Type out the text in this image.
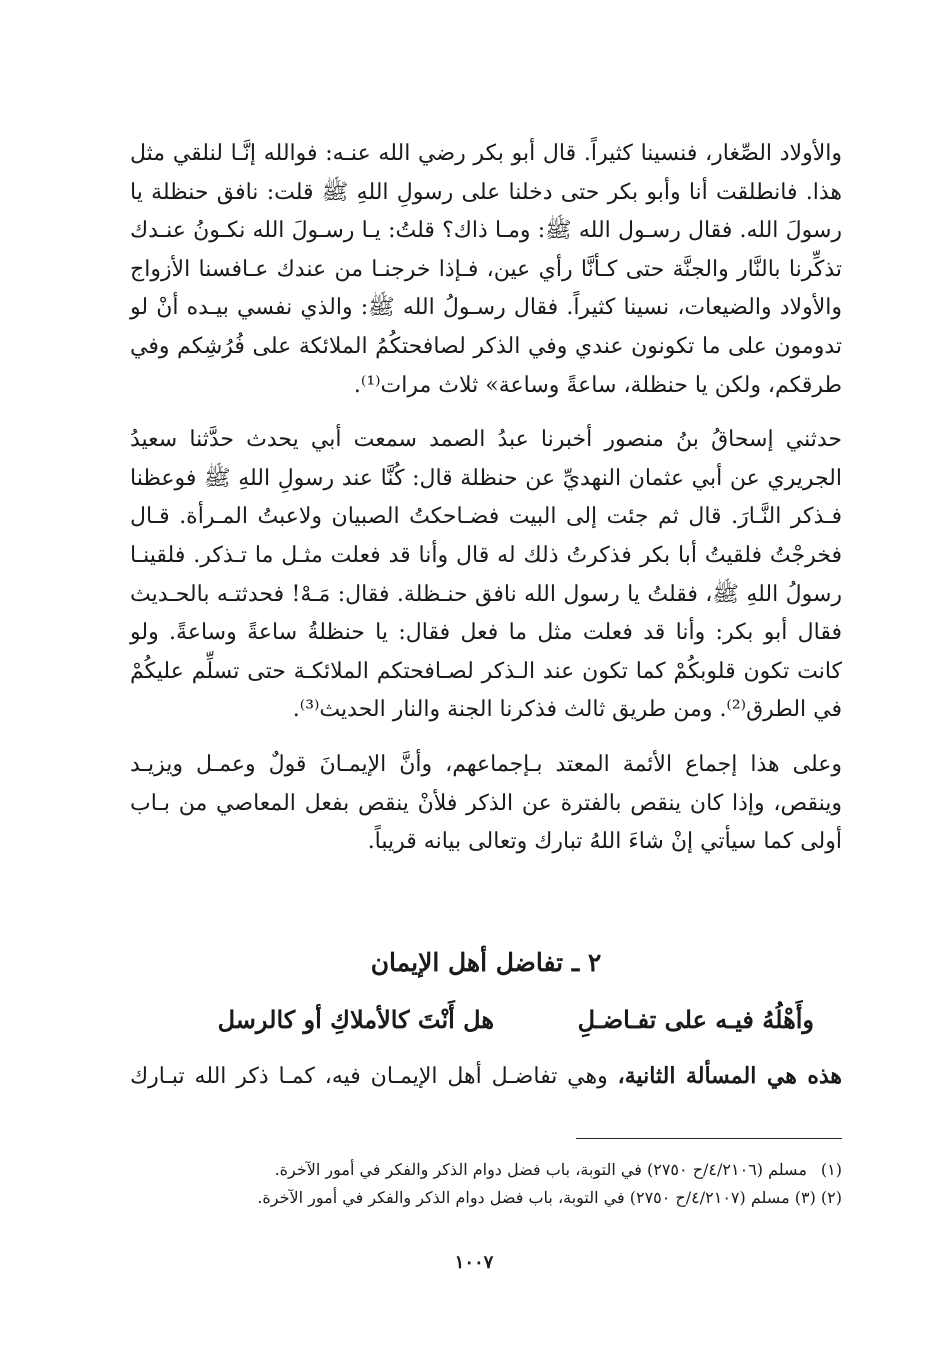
والأولاد الصِّغار، فنسينا كثيراً. قال أبو بكر رضي الله عنـه: فوالله إنَّـا لنلقي مثل هذا. فانطلقت أنا وأبو بكر حتى دخلنا على رسولِ اللهِ ﷺ قلت: نافق حنظلة يا رسولَ الله. فقال رسـول الله ﷺ: ومـا ذاك؟ قلتُ: يـا رسـولَ الله نكـونُ عنـدك تذكِّرنا بالنَّار والجنَّة حتى كـأنَّا رأي عين، فـإذا خرجنـا من عندك عـافسنا الأزواج والأولاد والضيعات، نسينا كثيراً. فقال رسـولُ الله ﷺ: والذي نفسي بيـده أنْ لو تدومون على ما تكونون عندي وفي الذكر لصافحتكُمُ الملائكة على فُرُشِكم وفي طرقكم، ولكن يا حنظلة، ساعةً وساعة» ثلاث مرات⁽¹⁾.

حدثني إسحاقُ بنُ منصور أخبرنا عبدُ الصمد سمعت أبي يحدث حدَّثنا سعيدُ الجريري عن أبي عثمان النهديِّ عن حنظلة قال: كُنَّا عند رسولِ اللهِ ﷺ فوعظنا فـذكر النَّـارَ. قال ثم جئت إلى البيت فضـاحكتُ الصبيان ولاعبتُ المـرأة. قـال فخرجْتُ فلقيتُ أبا بكر فذكرتُ ذلك له قال وأنا قد فعلت مثـل ما تـذكر. فلقينـا رسولُ اللهِ ﷺ، فقلتُ يا رسول الله نافق حنـظلة. فقال: مَـهْ! فحدثتـه بالحـديث فقال أبو بكر: وأنا قد فعلت مثل ما فعل فقال: يا حنظلةُ ساعةً وساعةً. ولو كانت تكون قلوبكُمْ كما تكون عند الـذكر لصـافحتكم الملائكـة حتى تسلِّم عليكُمْ في الطرق⁽²⁾. ومن طريق ثالث فذكرنا الجنة والنار الحديث⁽³⁾.

وعلى هذا إجماع الأئمة المعتد بـإجماعهم، وأنَّ الإيمـانَ قولٌ وعمـل ويزيـد وينقص، وإذا كان ينقص بالفترة عن الذكر فلأنْ ينقص بفعل المعاصي من بـاب أولى كما سيأتي إنْ شاءَ اللهُ تبارك وتعالى بيانه قريباً.

٢ ـ تفاضل أهل الإيمان
وأَهْلُهُ فيـه على تفـاضـلِ
هل أَنْتَ كالأملاكِ أو كالرسل
هذه هي المسألة الثانية، وهي تفاضـل أهل الإيمـان فيه، كمـا ذكر الله تبـارك

(١) مسلم (٤/٢١٠٦/ح ٢٧٥٠) في التوبة، باب فضل دوام الذكر والفكر في أمور الآخرة.

(٢) (٣) مسلم (٤/٢١٠٧/ح ٢٧٥٠) في التوبة، باب فضل دوام الذكر والفكر في أمور الآخرة.

١٠٠٧
